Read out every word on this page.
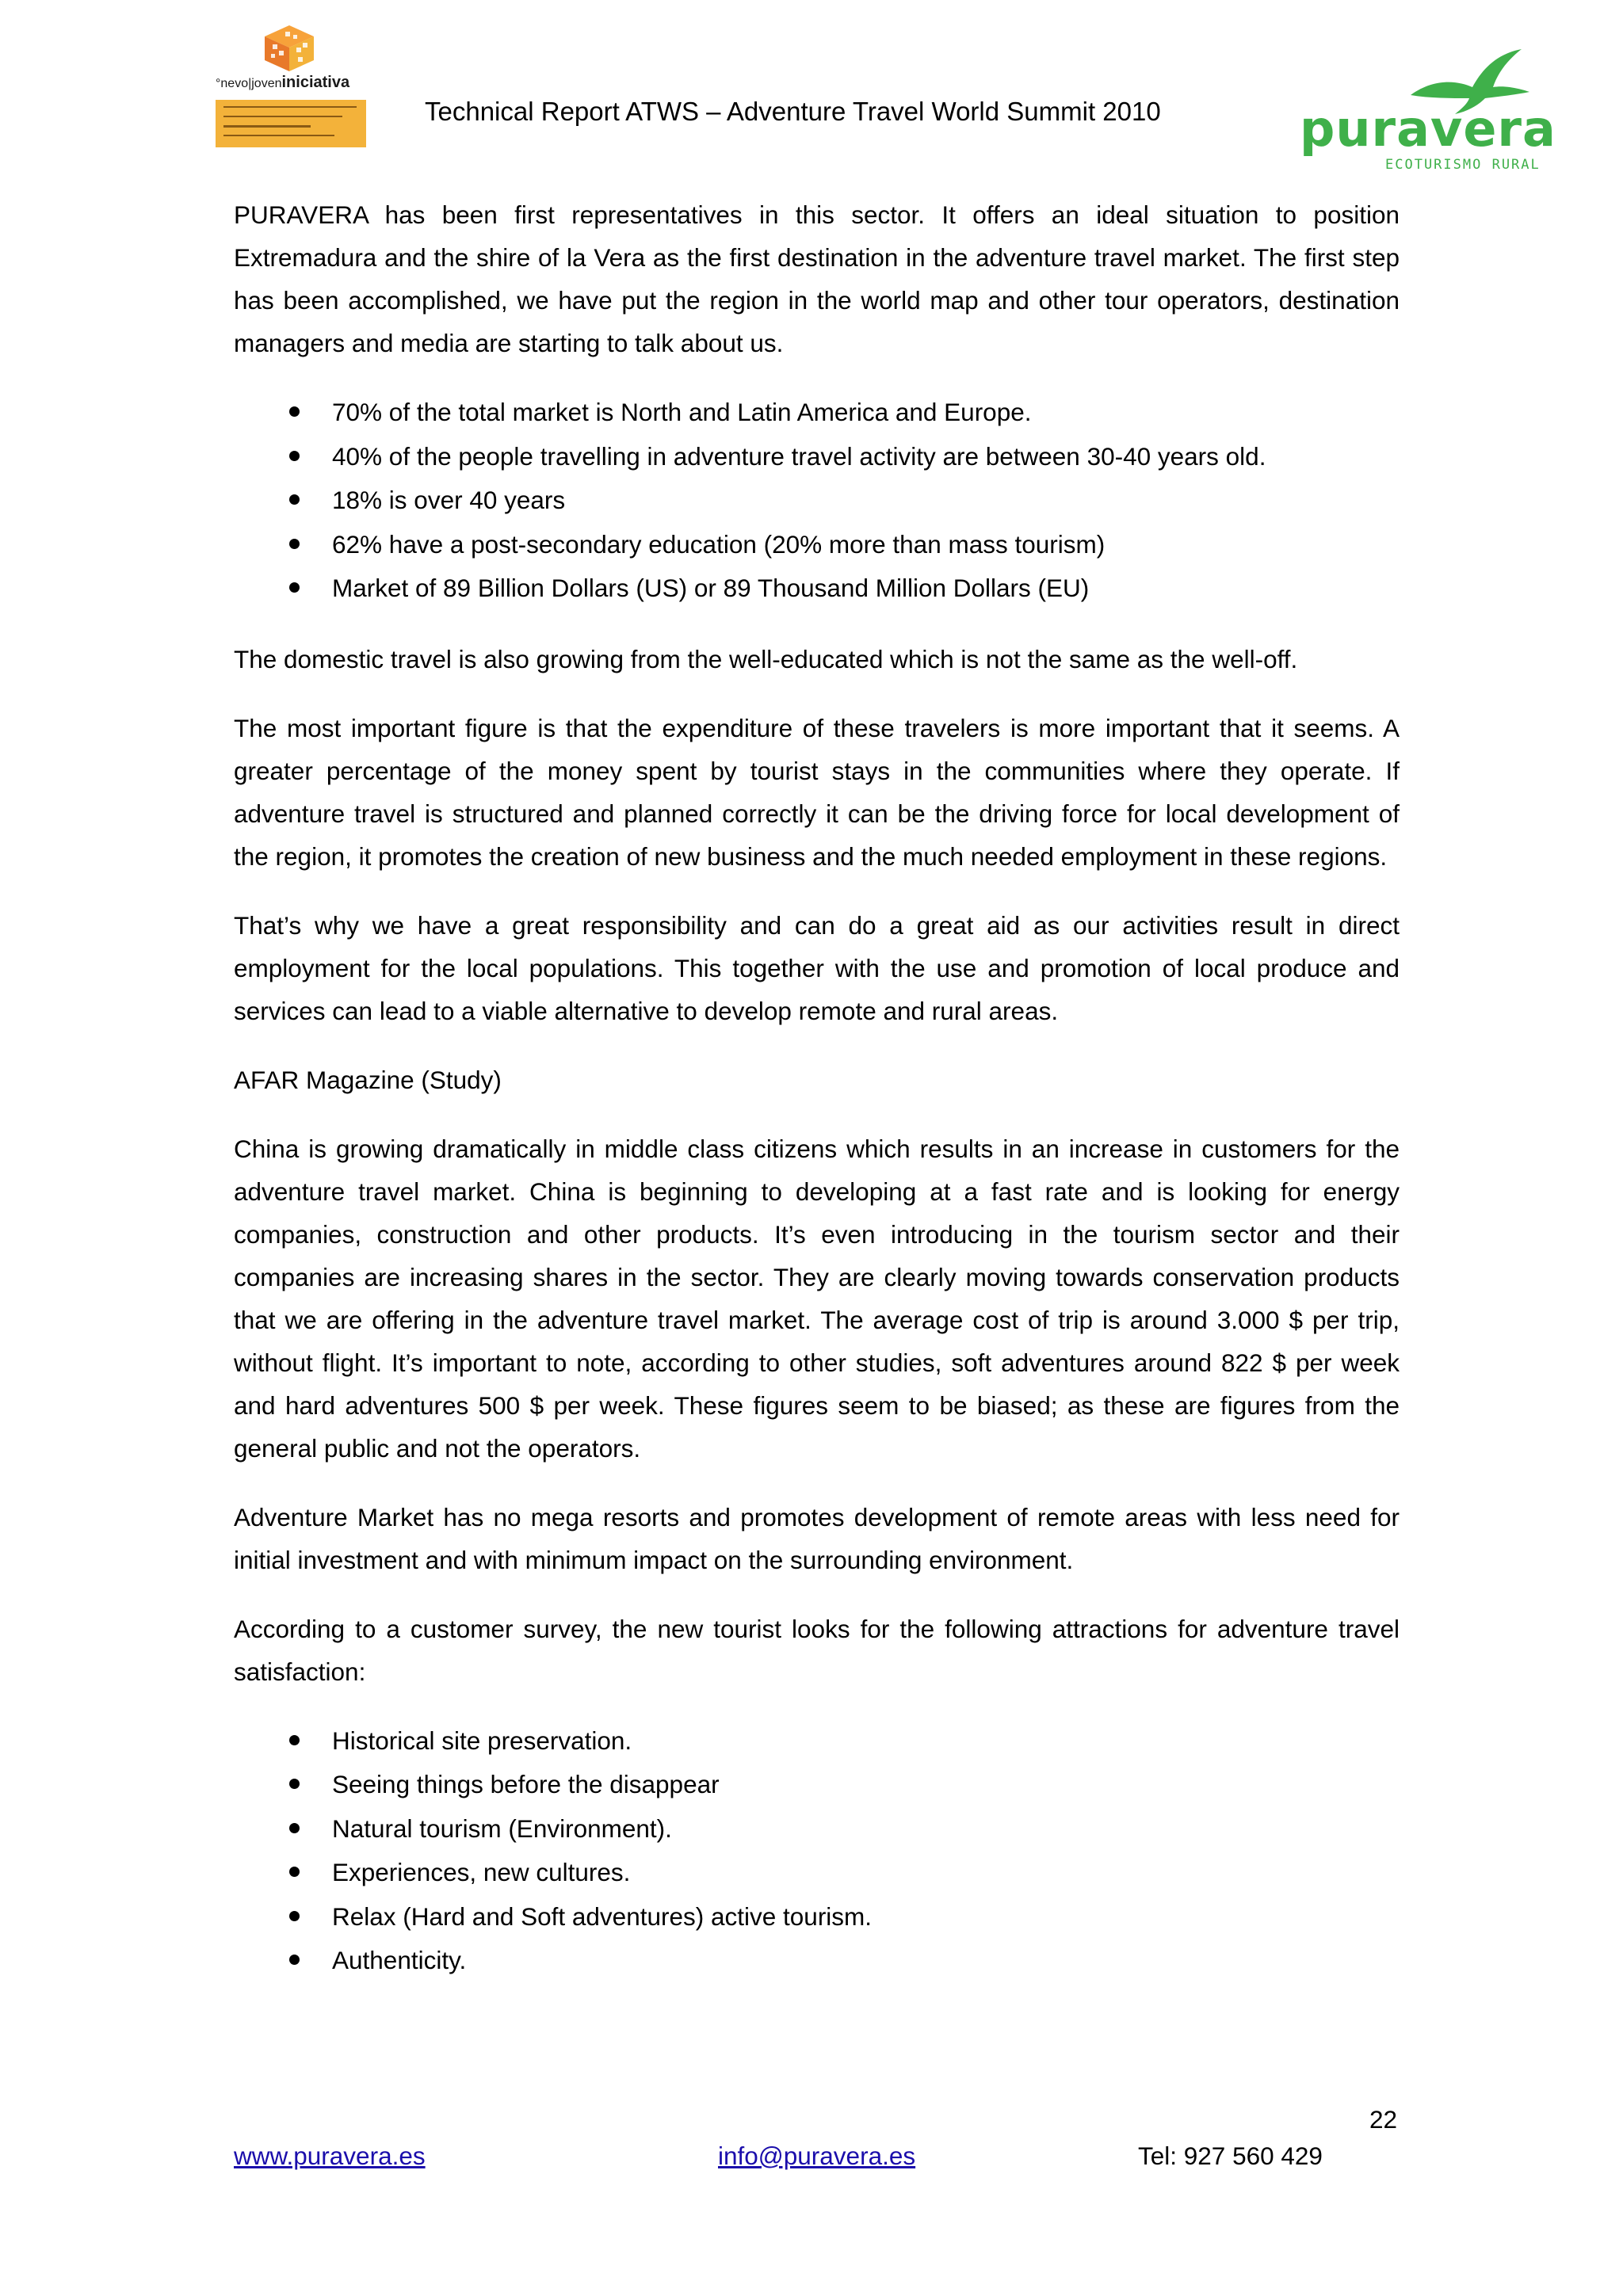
°nevo|joveniniciativa
Technical Report ATWS – Adventure Travel World Summit 2010	puravera
ECOTURISMO RURAL

PURAVERA has been first representatives in this sector. It offers an ideal situation to position Extremadura and the shire of la Vera as the first destination in the adventure travel market. The first step has been accomplished, we have put the region in the world map and other tour operators, destination managers and media are starting to talk about us.

70% of the total market is North and Latin America and Europe.
40% of the people travelling in adventure travel activity are between 30-40 years old.
18% is over 40 years
62% have a post-secondary education (20% more than mass tourism)
Market of 89 Billion Dollars (US) or 89 Thousand Million Dollars (EU)

The domestic travel is also growing from the well-educated which is not the same as the well-off.

The most important figure is that the expenditure of these travelers is more important that it seems. A greater percentage of the money spent by tourist stays in the communities where they operate. If adventure travel is structured and planned correctly it can be the driving force for local development of the region, it promotes the creation of new business and the much needed employment in these regions.

That’s why we have a great responsibility and can do a great aid as our activities result in direct employment for the local populations. This together with the use and promotion of local produce and services can lead to a viable alternative to develop remote and rural areas.

AFAR Magazine (Study)

China is growing dramatically in middle class citizens which results in an increase in customers for the adventure travel market. China is beginning to developing at a fast rate and is looking for energy companies, construction and other products. It’s even introducing in the tourism sector and their companies are increasing shares in the sector. They are clearly moving towards conservation products that we are offering in the adventure travel market. The average cost of trip is around 3.000 $ per trip, without flight. It’s important to note, according to other studies, soft adventures around 822 $ per week and hard adventures 500 $ per week. These figures seem to be biased; as these are figures from the general public and not the operators.

Adventure Market has no mega resorts and promotes development of remote areas with less need for initial investment and with minimum impact on the surrounding environment.

According to a customer survey, the new tourist looks for the following attractions for adventure travel satisfaction:

Historical site preservation.
Seeing things before the disappear
Natural tourism (Environment).
Experiences, new cultures.
Relax (Hard and Soft adventures) active tourism.
Authenticity.
22
www.puravera.es	info@puravera.es	Tel: 927 560 429
